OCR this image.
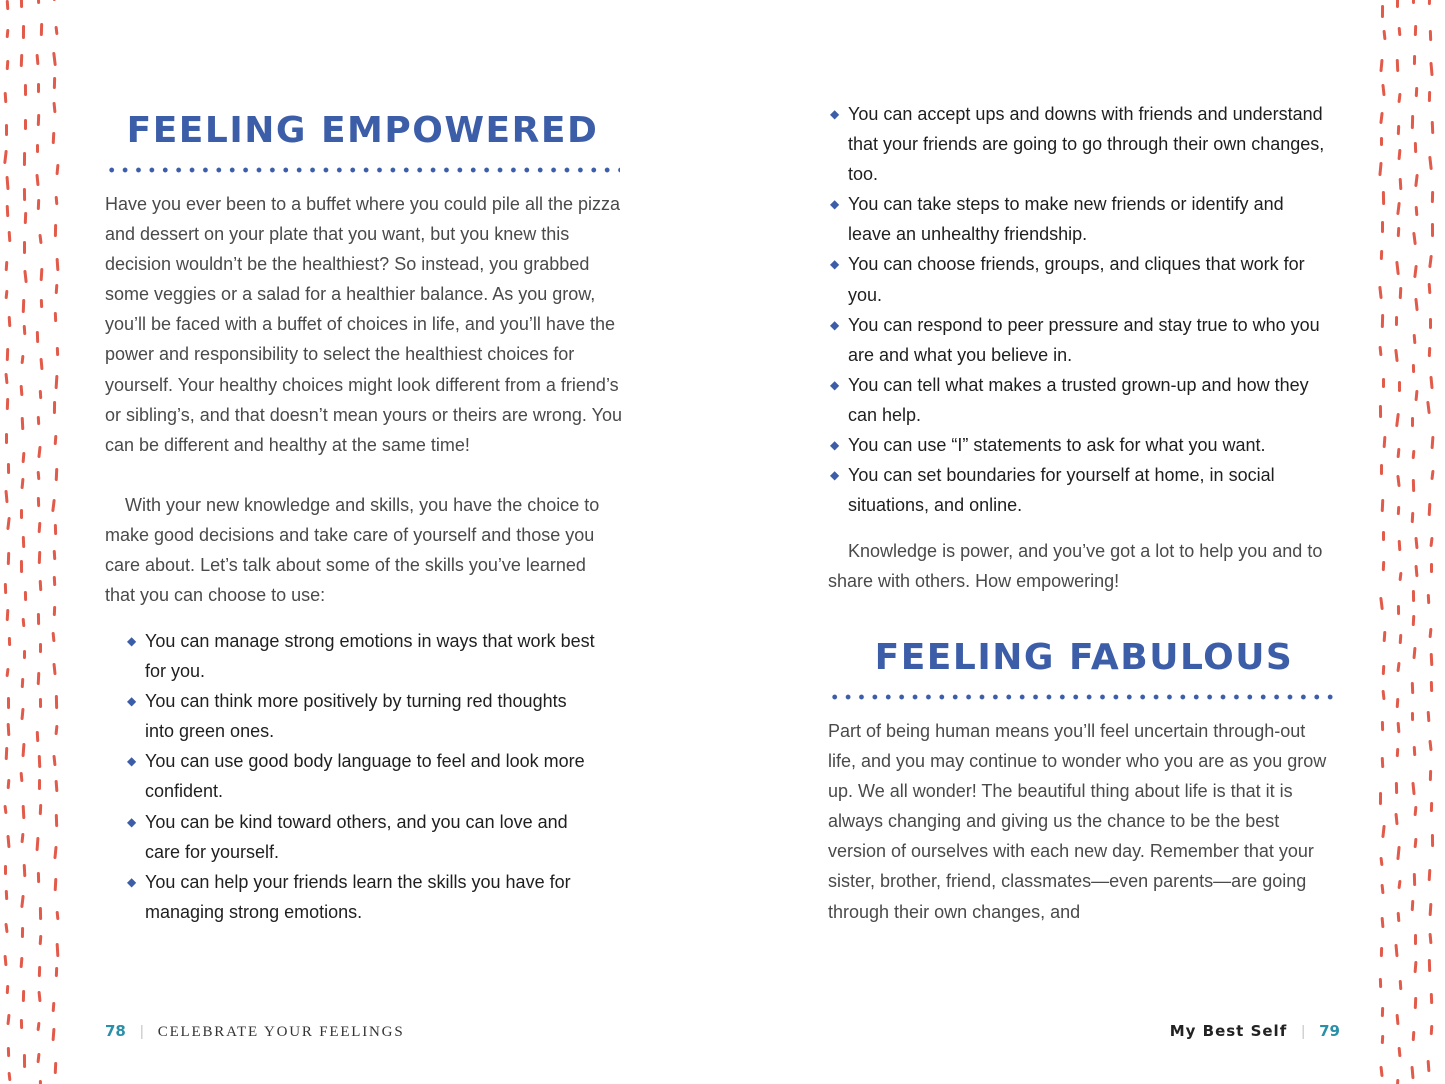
FEELING EMPOWERED

Have you ever been to a buffet where you could pile all the pizza and dessert on your plate that you want, but you knew this decision wouldn’t be the healthiest? So instead, you grabbed some veggies or a salad for a healthier balance. As you grow, you’ll be faced with a buffet of choices in life, and you’ll have the power and responsibility to select the healthiest choices for yourself. Your healthy choices might look different from a friend’s or sibling’s, and that doesn’t mean yours or theirs are wrong. You can be different and healthy at the same time!

With your new knowledge and skills, you have the choice to make good decisions and take care of yourself and those you care about. Let’s talk about some of the skills you’ve learned that you can choose to use:

◆ You can manage strong emotions in ways that work best for you.
◆ You can think more positively by turning red thoughts into green ones.
◆ You can use good body language to feel and look more confident.
◆ You can be kind toward others, and you can love and care for yourself.
◆ You can help your friends learn the skills you have for managing strong emotions.
78 | CELEBRATE YOUR FEELINGS
◆ You can accept ups and downs with friends and understand that your friends are going to go through their own changes, too.
◆ You can take steps to make new friends or identify and leave an unhealthy friendship.
◆ You can choose friends, groups, and cliques that work for you.
◆ You can respond to peer pressure and stay true to who you are and what you believe in.
◆ You can tell what makes a trusted grown-up and how they can help.
◆ You can use “I” statements to ask for what you want.
◆ You can set boundaries for yourself at home, in social situations, and online.

Knowledge is power, and you’ve got a lot to help you and to share with others. How empowering!

FEELING FABULOUS

Part of being human means you’ll feel uncertain through-out life, and you may continue to wonder who you are as you grow up. We all wonder! The beautiful thing about life is that it is always changing and giving us the chance to be the best version of ourselves with each new day. Remember that your sister, brother, friend, classmates—even parents—are going through their own changes, and

My Best Self | 79
